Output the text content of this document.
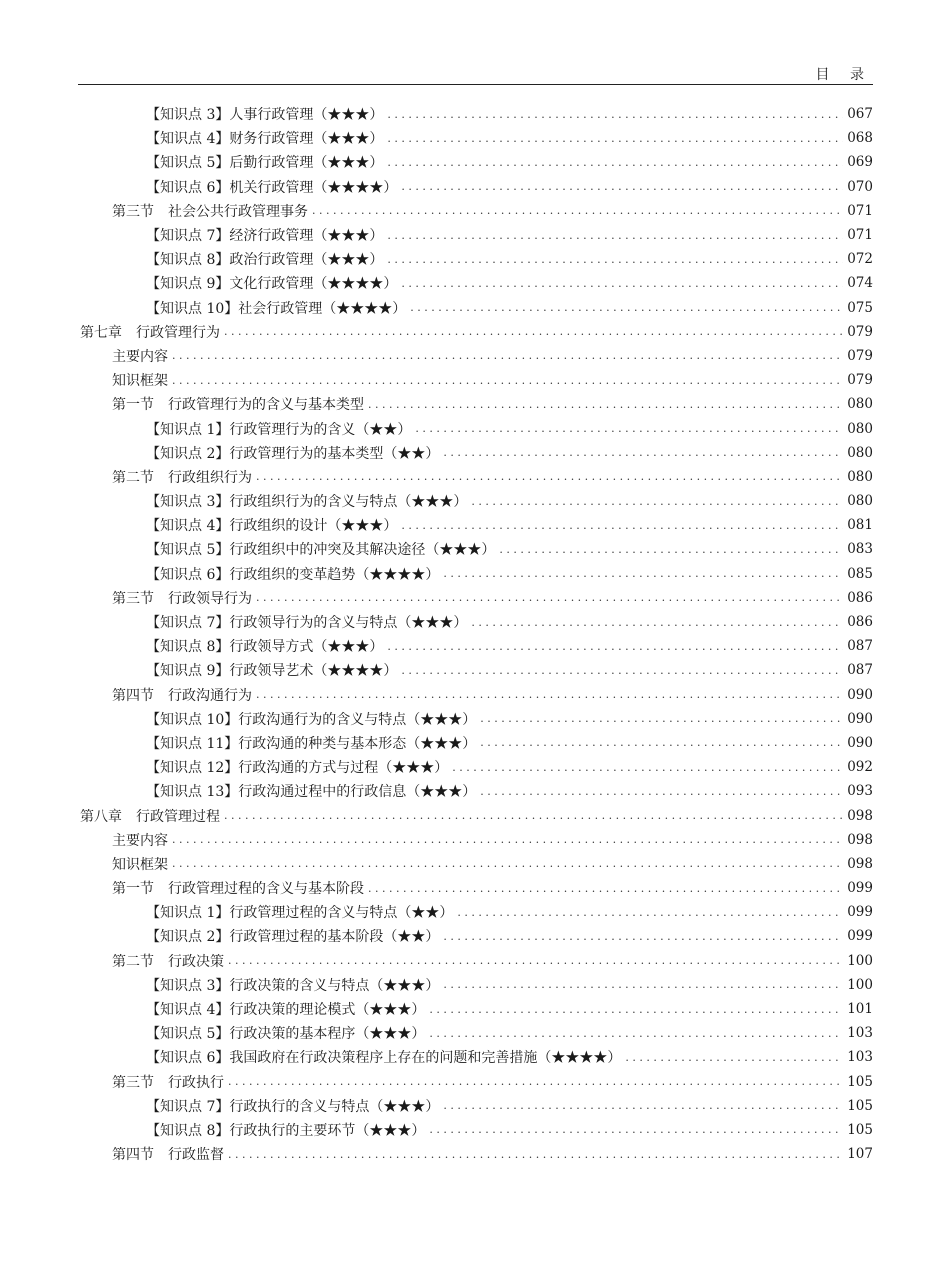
目 录
【知识点 3】人事行政管理（★★★） . . .	067
【知识点 4】财务行政管理（★★★） . . .	068
【知识点 5】后勤行政管理（★★★） . . .	069
【知识点 6】机关行政管理（★★★★） . . .	070
第三节　社会公共行政管理事务 . . .	071
【知识点 7】经济行政管理（★★★） . . .	071
【知识点 8】政治行政管理（★★★） . . .	072
【知识点 9】文化行政管理（★★★★） . . .	074
【知识点 10】社会行政管理（★★★★） . . .	075
第七章　行政管理行为 . . .	079
主要内容 . . .	079
知识框架 . . .	079
第一节　行政管理行为的含义与基本类型 . . .	080
【知识点 1】行政管理行为的含义（★★） . . .	080
【知识点 2】行政管理行为的基本类型（★★） . . .	080
第二节　行政组织行为 . . .	080
【知识点 3】行政组织行为的含义与特点（★★★） . . .	080
【知识点 4】行政组织的设计（★★★） . . .	081
【知识点 5】行政组织中的冲突及其解决途径（★★★） . . .	083
【知识点 6】行政组织的变革趋势（★★★★） . . .	085
第三节　行政领导行为 . . .	086
【知识点 7】行政领导行为的含义与特点（★★★） . . .	086
【知识点 8】行政领导方式（★★★） . . .	087
【知识点 9】行政领导艺术（★★★★） . . .	087
第四节　行政沟通行为 . . .	090
【知识点 10】行政沟通行为的含义与特点（★★★） . . .	090
【知识点 11】行政沟通的种类与基本形态（★★★） . . .	090
【知识点 12】行政沟通的方式与过程（★★★） . . .	092
【知识点 13】行政沟通过程中的行政信息（★★★） . . .	093
第八章　行政管理过程 . . .	098
主要内容 . . .	098
知识框架 . . .	098
第一节　行政管理过程的含义与基本阶段 . . .	099
【知识点 1】行政管理过程的含义与特点（★★） . . .	099
【知识点 2】行政管理过程的基本阶段（★★） . . .	099
第二节　行政决策 . . .	100
【知识点 3】行政决策的含义与特点（★★★） . . .	100
【知识点 4】行政决策的理论模式（★★★） . . .	101
【知识点 5】行政决策的基本程序（★★★） . . .	103
【知识点 6】我国政府在行政决策程序上存在的问题和完善措施（★★★★） . . .	103
第三节　行政执行 . . .	105
【知识点 7】行政执行的含义与特点（★★★） . . .	105
【知识点 8】行政执行的主要环节（★★★） . . .	105
第四节　行政监督 . . .	107
